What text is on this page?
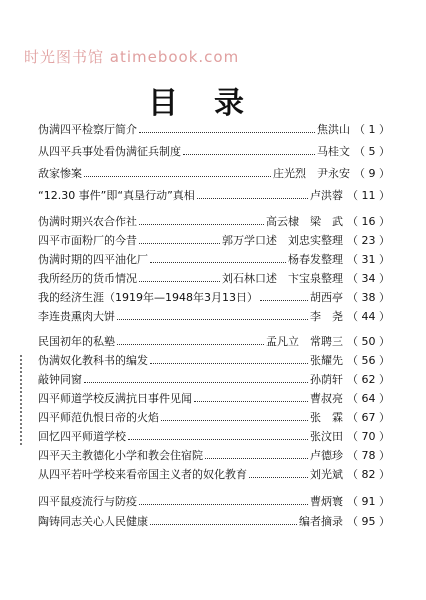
时光图书馆 atimebook.com
目录
伪满四平检察厅简介	焦洪山 （ 1 ）
从四平兵事处看伪满征兵制度	马桂文 （ 5 ）
敌家惨案	庄光烈　尹永安 （ 9 ）
“12.30 事件”即“真垦行动”真相	卢洪蓉 （ 11 ）
伪满时期兴农合作社	高云棣　梁　武 （ 16 ）
四平市面粉厂的今昔	郭万学口述　刘忠实整理 （ 23 ）
伪满时期的四平油化厂	杨春发整理 （ 31 ）
我所经历的货币情况	刘石林口述　卞宝泉整理 （ 34 ）
我的经济生涯（1919年—1948年3月13日）	胡西亭 （ 38 ）
李连贵熏肉大饼	李　尧 （ 44 ）
民国初年的私塾	孟凡立　常聘三 （ 50 ）
伪满奴化教科书的编发	张耀先 （ 56 ）
敲钟同窗	孙荫轩 （ 62 ）
四平师道学校反满抗日事件见闻	曹叔亮 （ 64 ）
四平师范仇恨日帝的火焰	张　霖 （ 67 ）
回忆四平师道学校	张汶田 （ 70 ）
四平天主教德化小学和教会住宿院	卢德珍 （ 78 ）
从四平若叶学校来看帝国主义者的奴化教育	刘光斌 （ 82 ）
四平鼠疫流行与防疫	曹炳寰 （ 91 ）
陶铸同志关心人民健康	编者摘录 （ 95 ）
